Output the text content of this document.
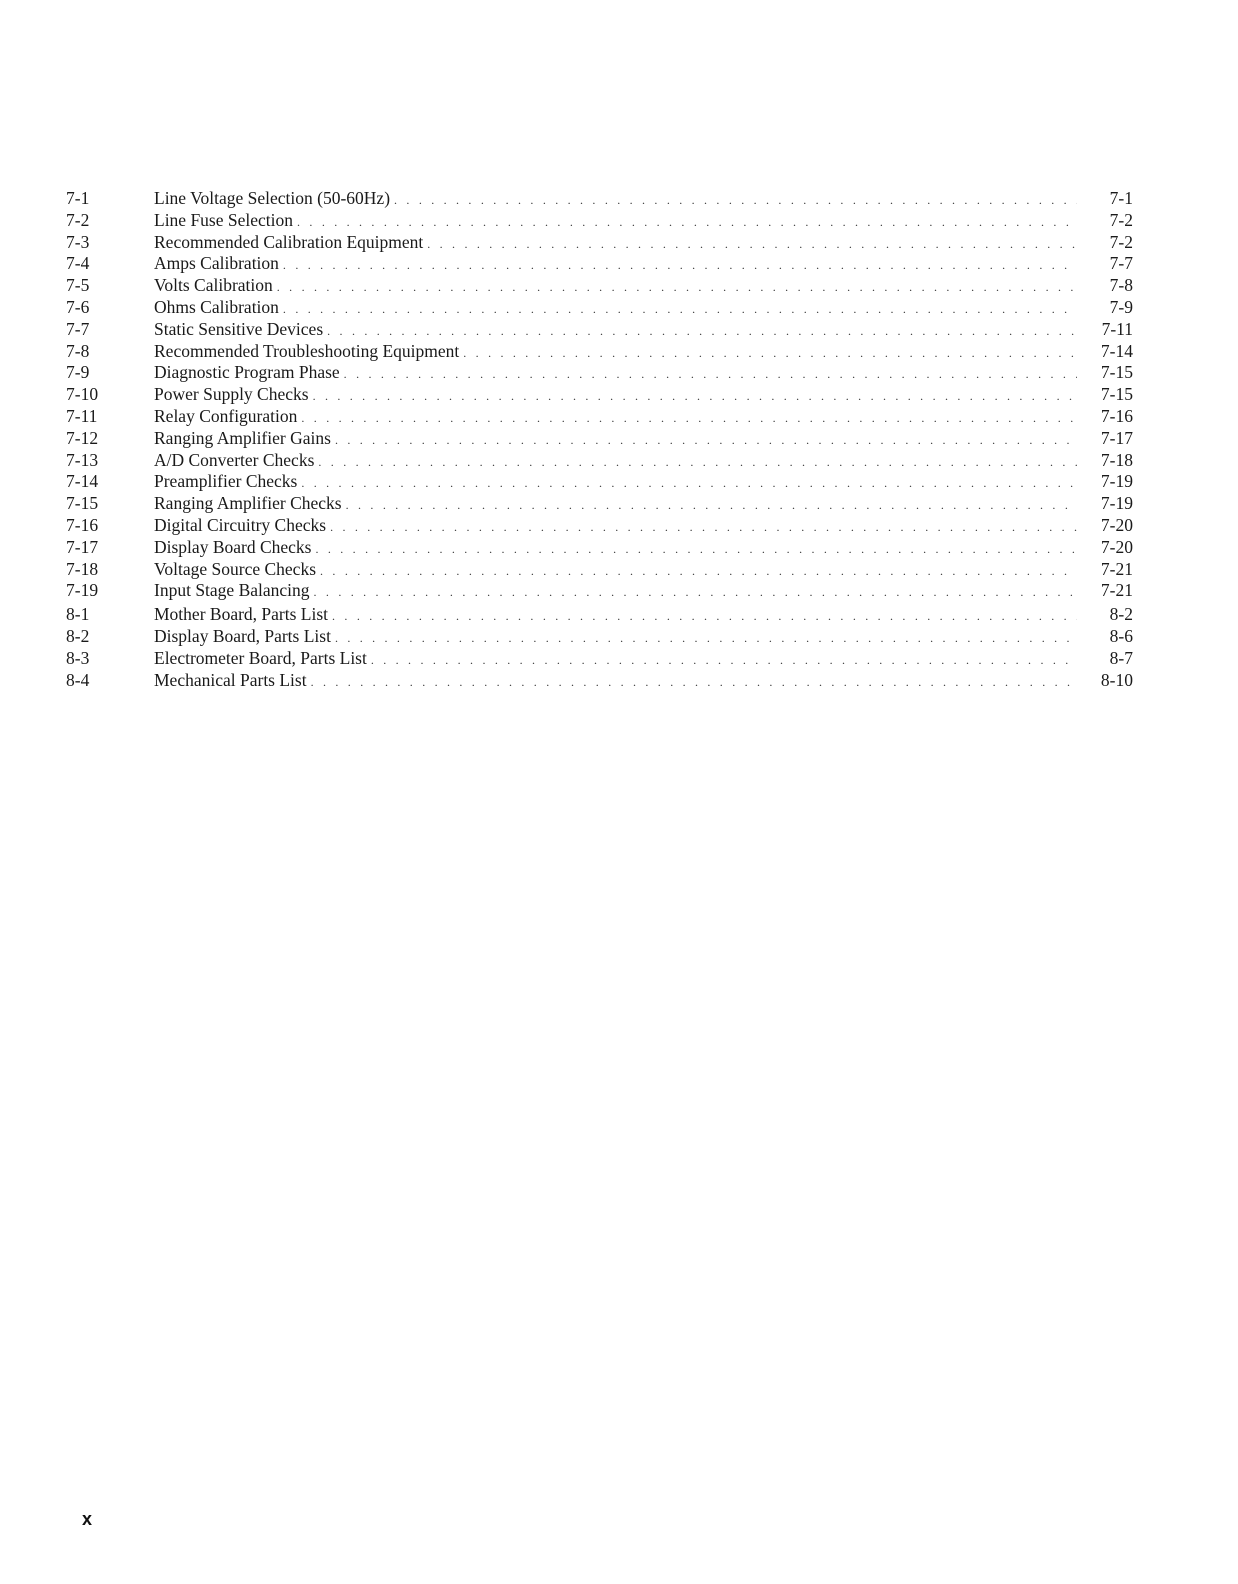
7-1	Line Voltage Selection (50-60Hz) . . .	7-1
7-2	Line Fuse Selection . . .	7-2
7-3	Recommended Calibration Equipment . . .	7-2
7-4	Amps Calibration . . .	7-7
7-5	Volts Calibration . . .	7-8
7-6	Ohms Calibration . . .	7-9
7-7	Static Sensitive Devices . . .	7-11
7-8	Recommended Troubleshooting Equipment . . .	7-14
7-9	Diagnostic Program Phase . . .	7-15
7-10	Power Supply Checks . . .	7-15
7-11	Relay Configuration . . .	7-16
7-12	Ranging Amplifier Gains . . .	7-17
7-13	A/D Converter Checks . . .	7-18
7-14	Preamplifier Checks . . .	7-19
7-15	Ranging Amplifier Checks . . .	7-19
7-16	Digital Circuitry Checks . . .	7-20
7-17	Display Board Checks . . .	7-20
7-18	Voltage Source Checks . . .	7-21
7-19	Input Stage Balancing . . .	7-21
8-1	Mother Board, Parts List . . .	8-2
8-2	Display Board, Parts List . . .	8-6
8-3	Electrometer Board, Parts List . . .	8-7
8-4	Mechanical Parts List . . .	8-10
x
